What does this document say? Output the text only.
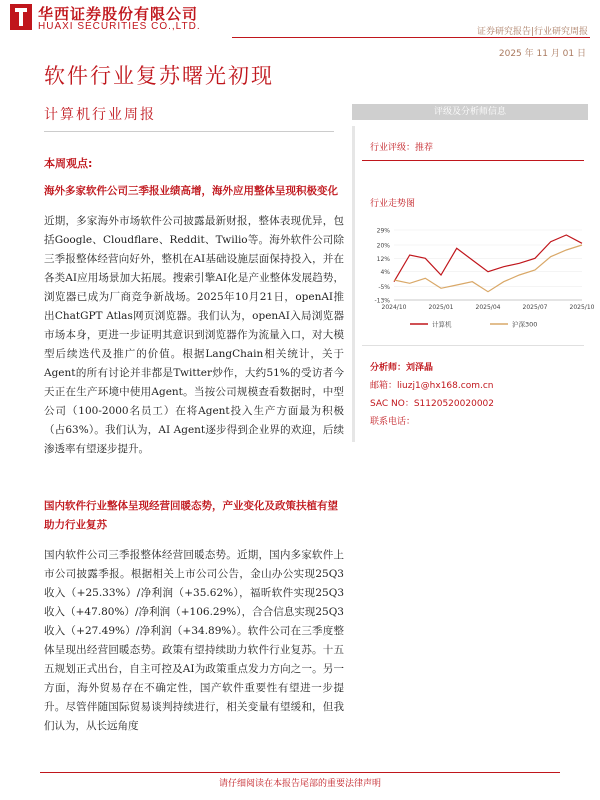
华西证券股份有限公司
HUAXI SECURITIES CO.,LTD.	证券研究报告|行业研究周报
2025 年 11 月 01 日
软件行业复苏曙光初现
计算机行业周报
本周观点:
海外多家软件公司三季报业绩高增，海外应用整体呈现积极变化
近期，多家海外市场软件公司披露最新财报，整体表现优异，包括Google、Cloudflare、Reddit、Twilio等。海外软件公司除三季报整体经营向好外，整机在AI基础设施层面保持投入，并在各类AI应用场景加大拓展。搜索引擎AI化是产业整体发展趋势，浏览器已成为厂商竞争新战场。2025年10月21日，openAI推出ChatGPT Atlas网页浏览器。我们认为，openAI入局浏览器市场本身，更进一步证明其意识到浏览器作为流量入口，对大模型后续迭代及推广的价值。根据LangChain相关统计，关于Agent的所有讨论并非都是Twitter炒作，大约51%的受访者今天正在生产环境中使用Agent。当按公司规模查看数据时，中型公司（100-2000名员工）在将Agent投入生产方面最为积极（占63%）。我们认为，AI Agent逐步得到企业界的欢迎，后续渗透率有望逐步提升。
国内软件行业整体呈现经营回暖态势，产业变化及政策扶植有望助力行业复苏
国内软件公司三季报整体经营回暖态势。近期，国内多家软件上市公司披露季报。根据相关上市公司公告，金山办公实现25Q3收入（+25.33%）/净利润（+35.62%），福昕软件实现25Q3收入（+47.80%）/净利润（+106.29%），合合信息实现25Q3收入（+27.49%）/净利润（+34.89%）。软件公司在三季度整体呈现出经营回暖态势。政策有望持续助力软件行业复苏。十五五规划正式出台，自主可控及AI为政策重点发力方向之一。另一方面，海外贸易存在不确定性，国产软件重要性有望进一步提升。尽管伴随国际贸易谈判持续进行，相关变量有望缓和，但我们认为，从长远角度
评级及分析师信息
行业评级：推荐
行业走势图
29%
20%
12%
4%
-5%
-13%
2024/10	2025/01	2025/04	2025/07	2025/10
计算机	沪深300
分析师：刘泽晶
邮箱：liuzj1@hx168.com.cn
SAC NO：S1120520020002
联系电话：
请仔细阅读在本报告尾部的重要法律声明
